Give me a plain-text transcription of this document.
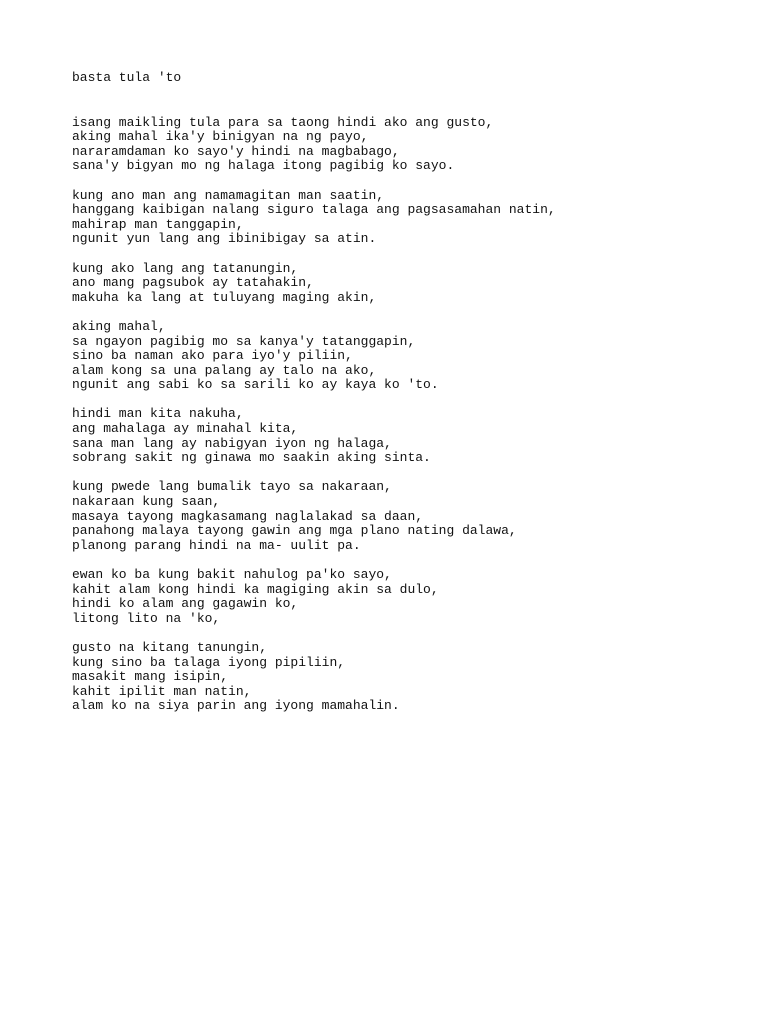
basta tula 'to
isang maikling tula para sa taong hindi ako ang gusto,
aking mahal ika'y binigyan na ng payo,
nararamdaman ko sayo'y hindi na magbabago,
sana'y bigyan mo ng halaga itong pagibig ko sayo.
kung ano man ang namamagitan man saatin,
hanggang kaibigan nalang siguro talaga ang pagsasamahan natin,
mahirap man tanggapin,
ngunit yun lang ang ibinibigay sa atin.
kung ako lang ang tatanungin,
ano mang pagsubok ay tatahakin,
makuha ka lang at tuluyang maging akin,
aking mahal,
sa ngayon pagibig mo sa kanya'y tatanggapin,
sino ba naman ako para iyo'y piliin,
alam kong sa una palang ay talo na ako,
ngunit ang sabi ko sa sarili ko ay kaya ko 'to.
hindi man kita nakuha,
ang mahalaga ay minahal kita,
sana man lang ay nabigyan iyon ng halaga,
sobrang sakit ng ginawa mo saakin aking sinta.
kung pwede lang bumalik tayo sa nakaraan,
nakaraan kung saan,
masaya tayong magkasamang naglalakad sa daan,
panahong malaya tayong gawin ang mga plano nating dalawa,
planong parang hindi na ma- uulit pa.
ewan ko ba kung bakit nahulog pa'ko sayo,
kahit alam kong hindi ka magiging akin sa dulo,
hindi ko alam ang gagawin ko,
litong lito na 'ko,
gusto na kitang tanungin,
kung sino ba talaga iyong pipiliin,
masakit mang isipin,
kahit ipilit man natin,
alam ko na siya parin ang iyong mamahalin.
